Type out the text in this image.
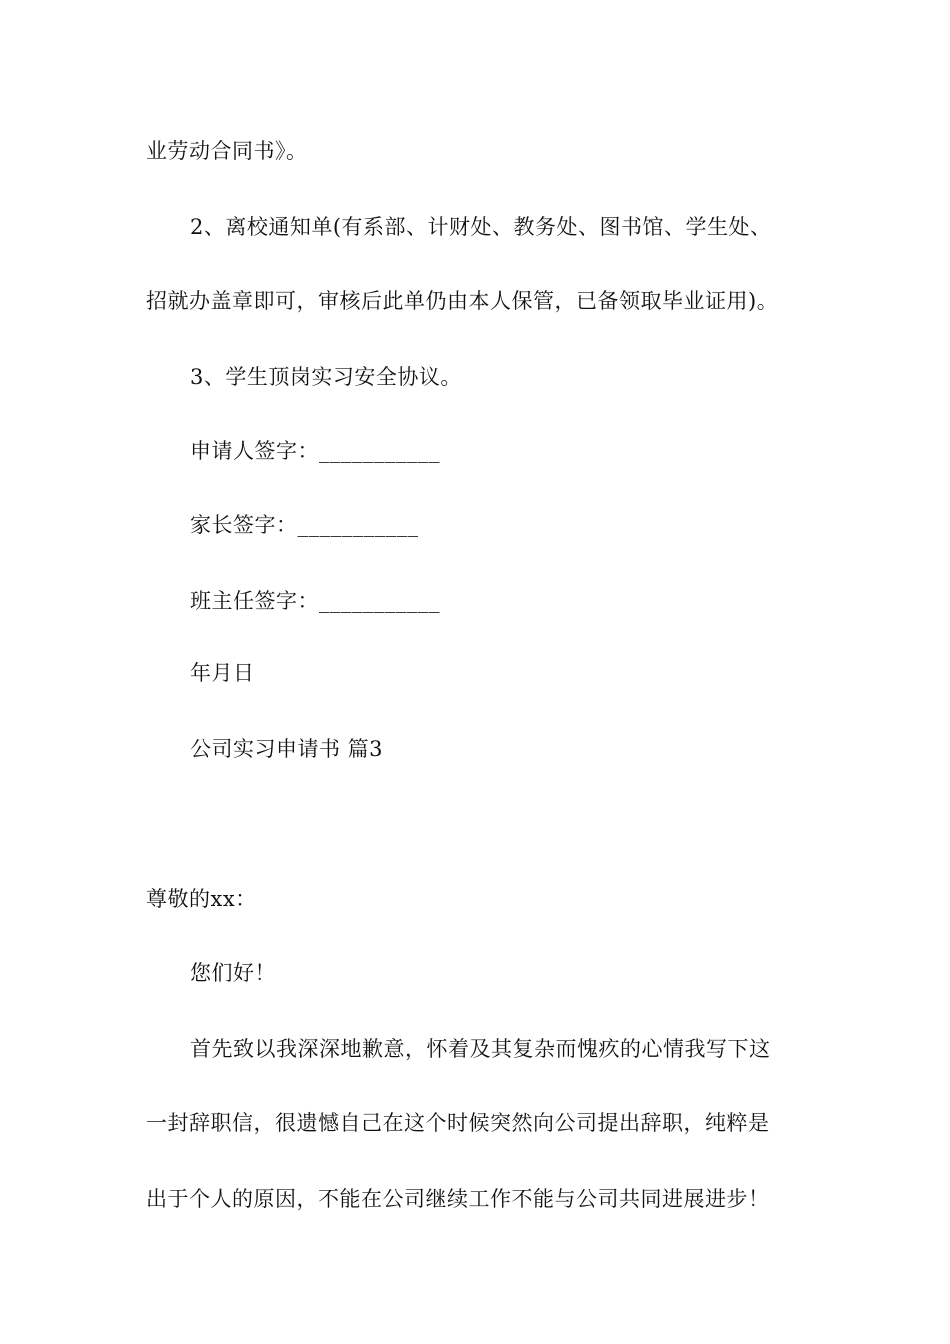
业劳动合同书》。
2、离校通知单(有系部、计财处、教务处、图书馆、学生处、
招就办盖章即可，审核后此单仍由本人保管，已备领取毕业证用)。
3、学生顶岗实习安全协议。
申请人签字：___________
家长签字：___________
班主任签字：___________
年月日
公司实习申请书 篇3
尊敬的xx：
您们好！
首先致以我深深地歉意，怀着及其复杂而愧疚的心情我写下这
一封辞职信，很遗憾自己在这个时候突然向公司提出辞职，纯粹是
出于个人的原因，不能在公司继续工作不能与公司共同进展进步！
